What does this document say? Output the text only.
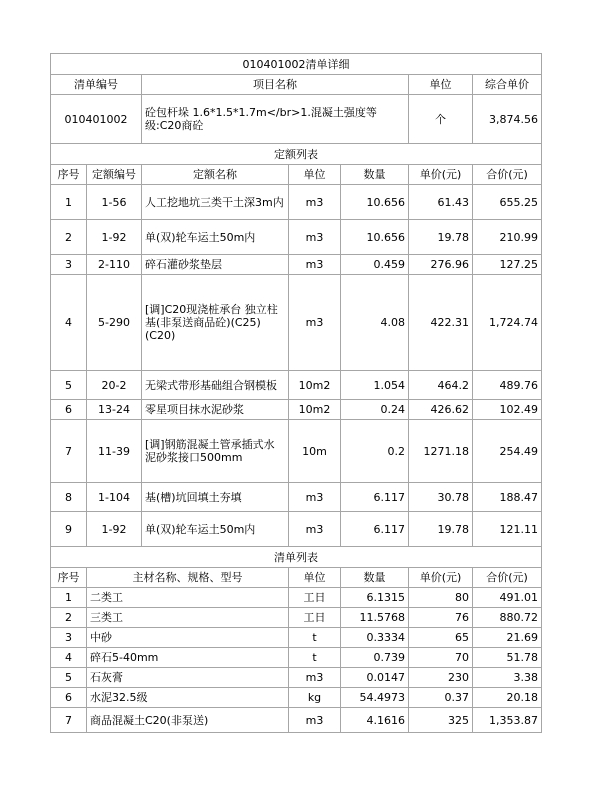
010401002清单详细						
清单编号		项目名称			单位	综合单价
010401002		砼包杆垛 1.6*1.5*1.7m</br>1.混凝土强度等级:C20商砼			个	3,874.56
定额列表						
序号	定额编号	定额名称	单位	数量	单价(元)	合价(元)
1	1-56	人工挖地坑三类干土深3m内	m3	10.656	61.43	655.25
2	1-92	单(双)轮车运土50m内	m3	10.656	19.78	210.99
3	2-110	碎石灌砂浆垫层	m3	0.459	276.96	127.25
4	5-290	[调]C20现浇桩承台 独立柱基(非泵送商品砼)(C25)(C20)	m3	4.08	422.31	1,724.74
5	20-2	无梁式带形基础组合钢模板	10m2	1.054	464.2	489.76
6	13-24	零星项目抹水泥砂浆	10m2	0.24	426.62	102.49
7	11-39	[调]钢筋混凝土管承插式水泥砂浆接口500mm	10m	0.2	1271.18	254.49
8	1-104	基(槽)坑回填土夯填	m3	6.117	30.78	188.47
9	1-92	单(双)轮车运土50m内	m3	6.117	19.78	121.11
清单列表						
序号	主材名称、规格、型号		单位	数量	单价(元)	合价(元)
1	二类工		工日	6.1315	80	491.01
2	三类工		工日	11.5768	76	880.72
3	中砂		t	0.3334	65	21.69
4	碎石5-40mm		t	0.739	70	51.78
5	石灰膏		m3	0.0147	230	3.38
6	水泥32.5级		kg	54.4973	0.37	20.18
7	商品混凝土C20(非泵送)		m3	4.1616	325	1,353.87
